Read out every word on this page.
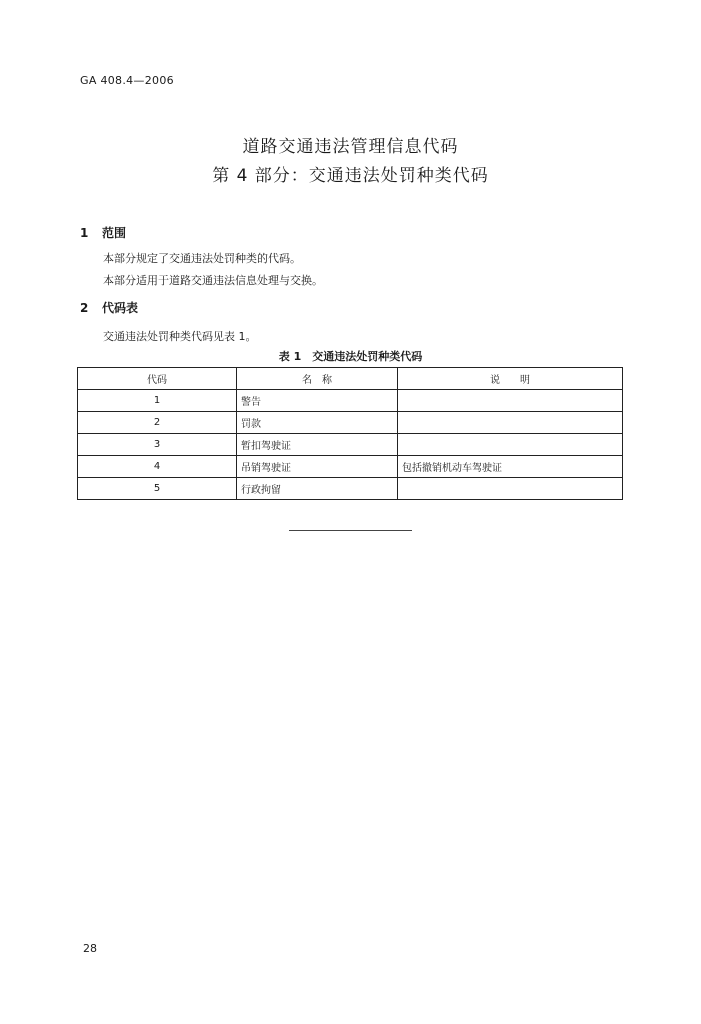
GA 408.4—2006
道路交通违法管理信息代码
第 4 部分：交通违法处罚种类代码
1 范围
本部分规定了交通违法处罚种类的代码。
本部分适用于道路交通违法信息处理与交换。
2 代码表
交通违法处罚种类代码见表 1。
表 1　交通违法处罚种类代码
代码	名　称	说　　明
1	警告	
2	罚款	
3	暂扣驾驶证	
4	吊销驾驶证	包括撤销机动车驾驶证
5	行政拘留	
28
